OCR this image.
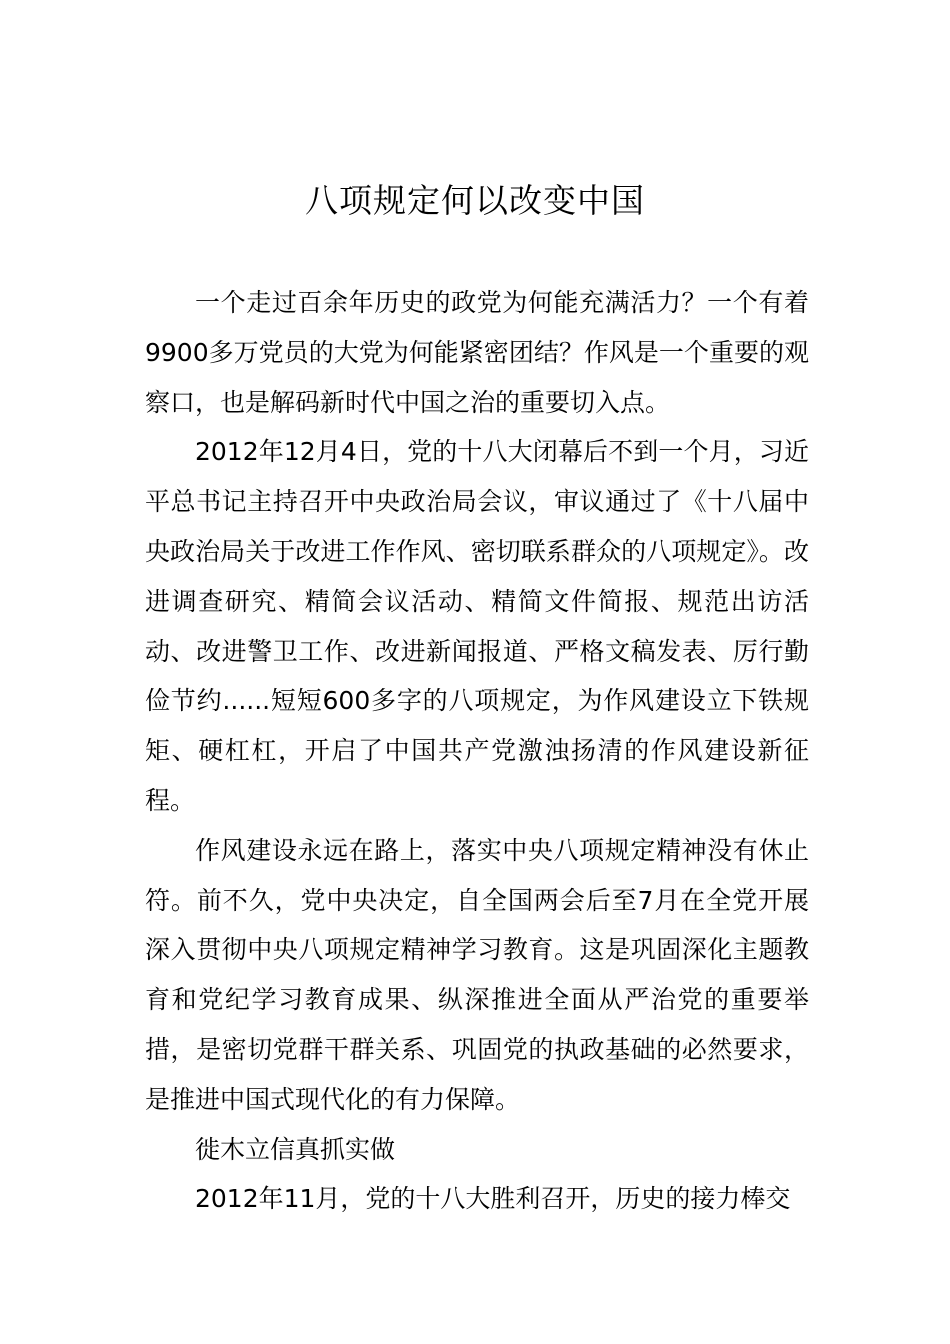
八项规定何以改变中国

一个走过百余年历史的政党为何能充满活力？一个有着9900多万党员的大党为何能紧密团结？作风是一个重要的观察口，也是解码新时代中国之治的重要切入点。

2012年12月4日，党的十八大闭幕后不到一个月，习近平总书记主持召开中央政治局会议，审议通过了《十八届中央政治局关于改进工作作风、密切联系群众的八项规定》。改进调查研究、精简会议活动、精简文件简报、规范出访活动、改进警卫工作、改进新闻报道、严格文稿发表、厉行勤俭节约......短短600多字的八项规定，为作风建设立下铁规矩、硬杠杠，开启了中国共产党激浊扬清的作风建设新征程。

作风建设永远在路上，落实中央八项规定精神没有休止符。前不久，党中央决定，自全国两会后至7月在全党开展深入贯彻中央八项规定精神学习教育。这是巩固深化主题教育和党纪学习教育成果、纵深推进全面从严治党的重要举措，是密切党群干群关系、巩固党的执政基础的必然要求，是推进中国式现代化的有力保障。

徙木立信真抓实做

2012年11月，党的十八大胜利召开，历史的接力棒交
